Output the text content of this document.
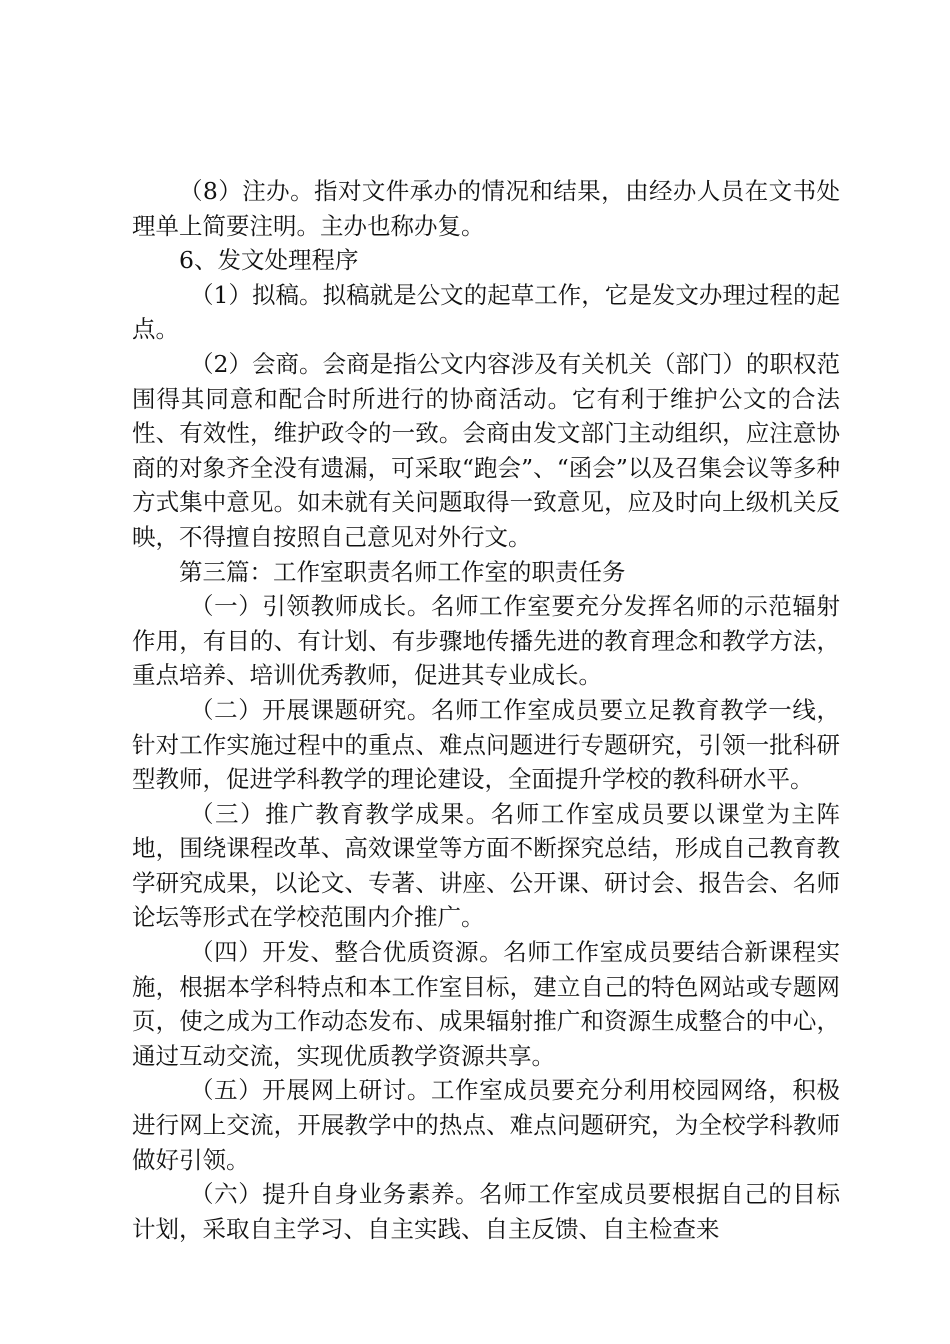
（8）注办。指对文件承办的情况和结果，由经办人员在文书处理单上简要注明。主办也称办复。

6、发文处理程序

（1）拟稿。拟稿就是公文的起草工作，它是发文办理过程的起点。

（2）会商。会商是指公文内容涉及有关机关（部门）的职权范围得其同意和配合时所进行的协商活动。它有利于维护公文的合法性、有效性，维护政令的一致。会商由发文部门主动组织，应注意协商的对象齐全没有遗漏，可采取“跑会”、“函会”以及召集会议等多种方式集中意见。如未就有关问题取得一致意见，应及时向上级机关反映，不得擅自按照自己意见对外行文。

第三篇：工作室职责名师工作室的职责任务

（一）引领教师成长。名师工作室要充分发挥名师的示范辐射作用，有目的、有计划、有步骤地传播先进的教育理念和教学方法，重点培养、培训优秀教师，促进其专业成长。

（二）开展课题研究。名师工作室成员要立足教育教学一线，针对工作实施过程中的重点、难点问题进行专题研究，引领一批科研型教师，促进学科教学的理论建设，全面提升学校的教科研水平。

（三）推广教育教学成果。名师工作室成员要以课堂为主阵地，围绕课程改革、高效课堂等方面不断探究总结，形成自己教育教学研究成果，以论文、专著、讲座、公开课、研讨会、报告会、名师论坛等形式在学校范围内介推广。

（四）开发、整合优质资源。名师工作室成员要结合新课程实施，根据本学科特点和本工作室目标，建立自己的特色网站或专题网页，使之成为工作动态发布、成果辐射推广和资源生成整合的中心，通过互动交流，实现优质教学资源共享。

（五）开展网上研讨。工作室成员要充分利用校园网络，积极进行网上交流，开展教学中的热点、难点问题研究，为全校学科教师做好引领。

（六）提升自身业务素养。名师工作室成员要根据自己的目标计划，采取自主学习、自主实践、自主反馈、自主检查来
